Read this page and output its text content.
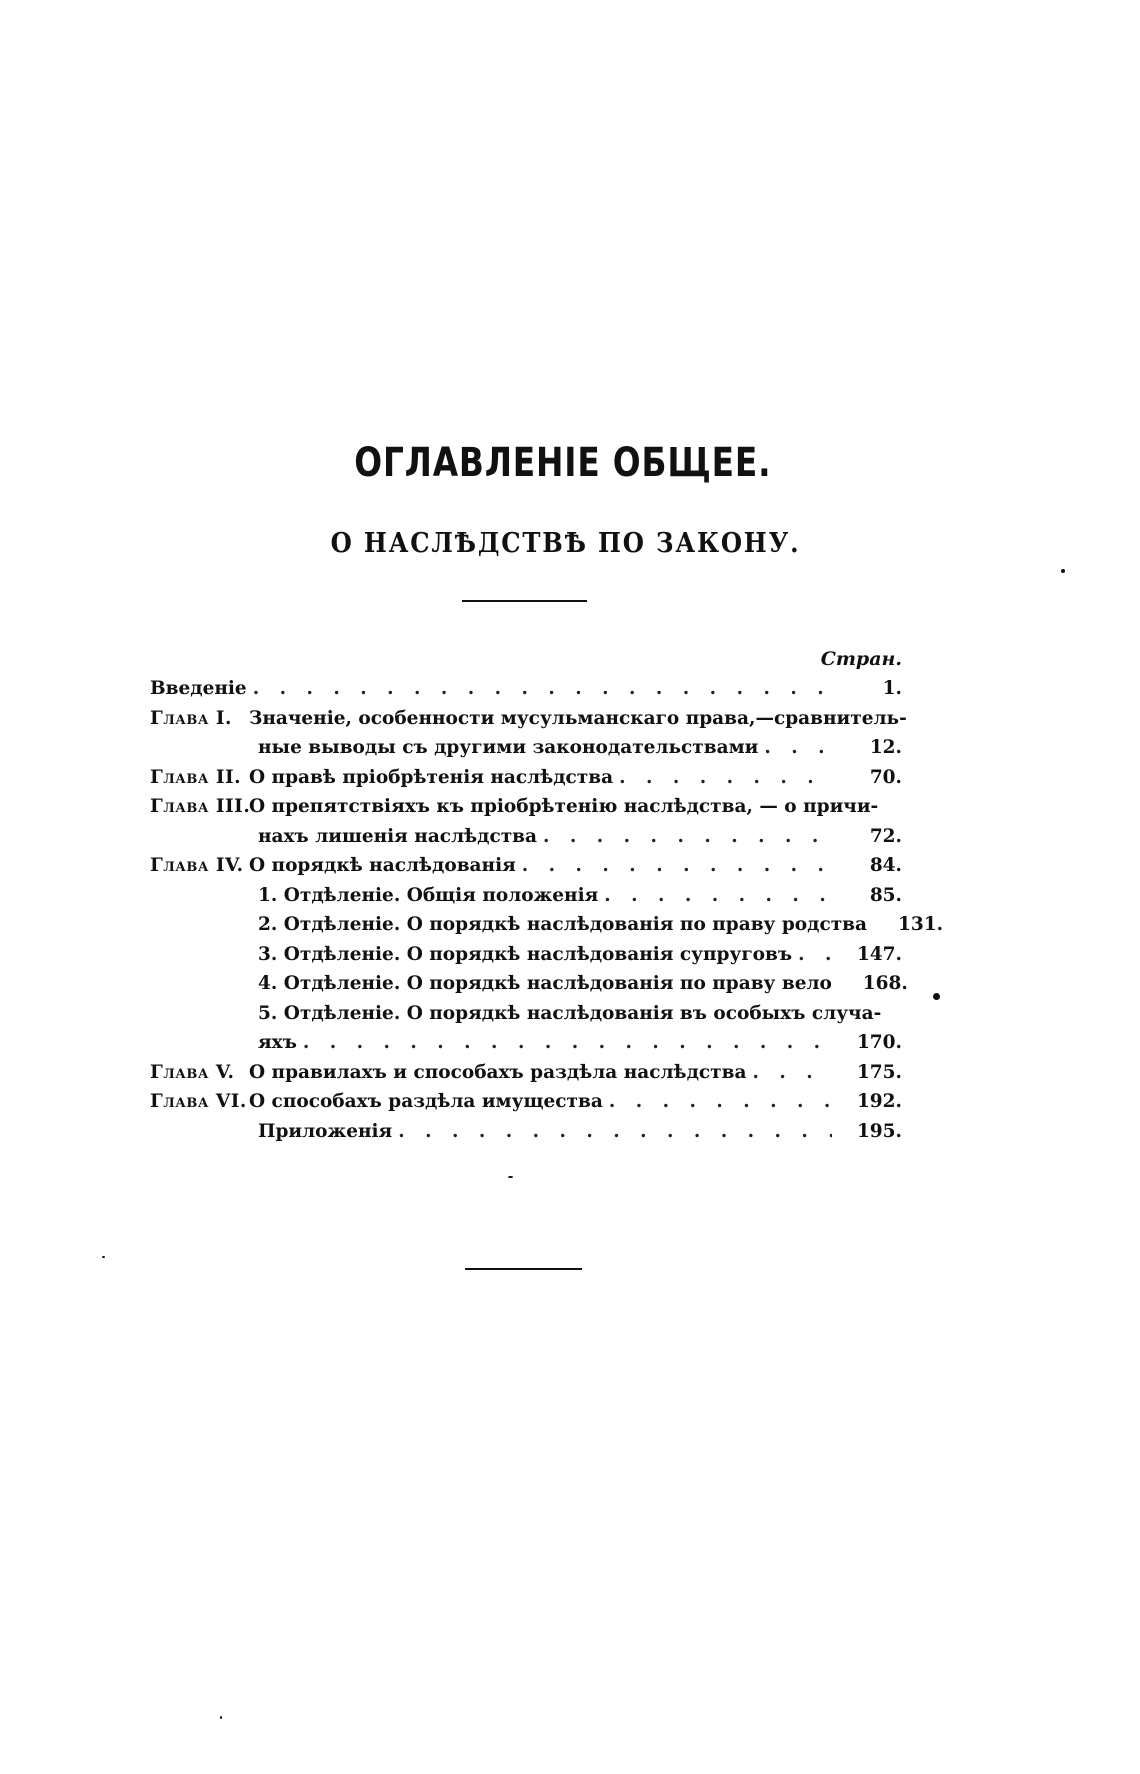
ОГЛАВЛЕНІЕ ОБЩЕЕ.
О НАСЛѢДСТВѢ ПО ЗАКОНУ.
Стран.
Введеніе . . .	1.
Глава I. Значеніе, особенности мусульманскаго права,—сравнитель-
ные выводы съ другими законодательствами . . .	12.
Глава II. О правѣ пріобрѣтенія наслѣдства . . .	70.
Глава III.
О препятствіяхъ къ пріобрѣтенію наслѣдства, — о причи-
нахъ лишенія наслѣдства . . .	72.
Глава IV. О порядкѣ наслѣдованія . . .	84.
1. Отдѣленіе. Общія положенія . . .	85.
2. Отдѣленіе. О порядкѣ наслѣдованія по праву родства	131.
3. Отдѣленіе. О порядкѣ наслѣдованія супруговъ . . .	147.
4. Отдѣленіе. О порядкѣ наслѣдованія по праву вело	168.
5. Отдѣленіе. О порядкѣ наслѣдованія въ особыхъ случа-
яхъ . . .	170.
Глава V. О правилахъ и способахъ раздѣла наслѣдства . . .	175.
Глава VI. О способахъ раздѣла имущества . . .	192.
Приложенія . . .	195.
